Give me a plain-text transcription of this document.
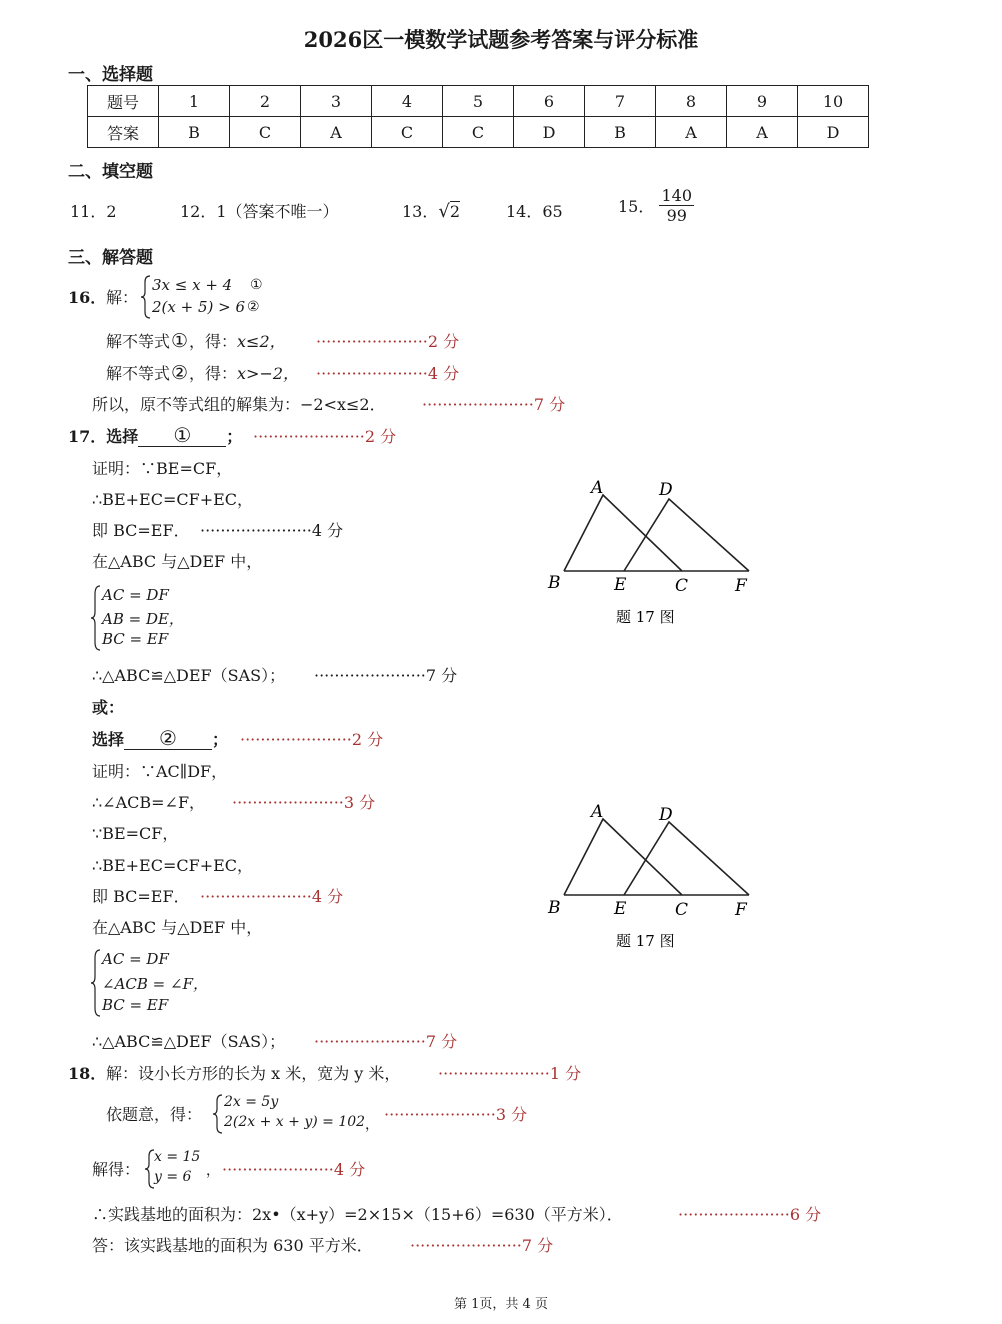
2026区一模数学试题参考答案与评分标准
一、选择题
题号	1	2	3	4	5	6	7	8	9	10
答案	B	C	A	C	C	D	B	A	A	D
二、填空题
11．2	12．1（答案不唯一）	13．√2	14．65	15． $\frac{140}{99}$
三、解答题
16． 解：
3x ≤ x + 4
2(x + 5) > 6
①
②
解不等式①，得：x≤2， ······················2 分
解不等式②，得：x>−2， ······················4 分
所以，原不等式组的解集为：−2<x≤2． ······················7 分
17．选择 ① ； ······················2 分
证明：∵BE=CF，
∴BE+EC=CF+EC，
即 BC=EF． ······················4 分
在△ABC 与△DEF 中，
AC = DF
AB = DE，
BC = EF
∴△ABC≌△DEF（SAS）； ······················7 分
A	D
B	E	C	F
题 17 图
或：
选择 ② ； ······················2 分
证明：∵AC∥DF，
∴∠ACB=∠F， ······················3 分
∵BE=CF，
∴BE+EC=CF+EC，
即 BC=EF． ······················4 分
在△ABC 与△DEF 中，
AC = DF
∠ACB = ∠F，
BC = EF
∴△ABC≌△DEF（SAS）； ······················7 分
A	D
B	E	C	F
题 17 图
18． 解：设小长方形的长为 x 米，宽为 y 米， ······················1 分
依题意，得：
2x = 5y
2(2x + x + y) = 102 ，
······················3 分
解得：
x = 15
y = 6 ， ······················4 分
∴实践基地的面积为：2x•（x+y）=2×15×（15+6）=630（平方米）．	······················6 分
答：该实践基地的面积为 630 平方米． ······················7 分
第 1页，共 4 页
